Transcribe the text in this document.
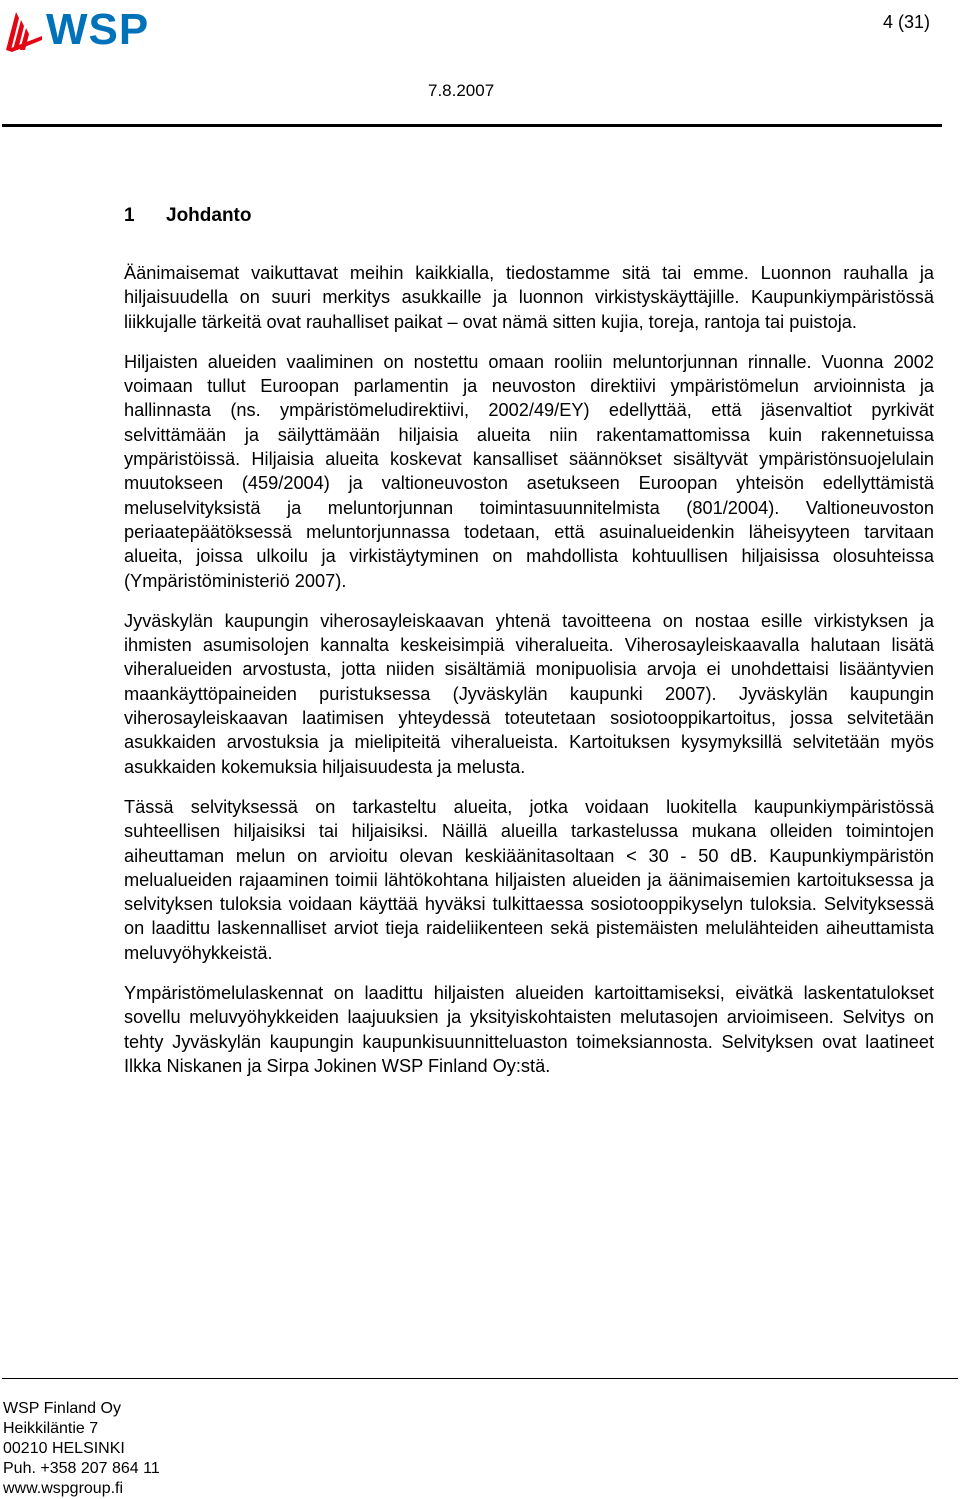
WSP	4 (31)
7.8.2007
1 Johdanto

Äänimaisemat vaikuttavat meihin kaikkialla, tiedostamme sitä tai emme. Luonnon rauhalla ja hiljaisuudella on suuri merkitys asukkaille ja luonnon virkistyskäyttäjille. Kaupunkiympäristössä liikkujalle tärkeitä ovat rauhalliset paikat – ovat nämä sitten kujia, toreja, rantoja tai puistoja.

Hiljaisten alueiden vaaliminen on nostettu omaan rooliin meluntorjunnan rinnalle. Vuonna 2002 voimaan tullut Euroopan parlamentin ja neuvoston direktiivi ympäristömelun arvioinnista ja hallinnasta (ns. ympäristömeludirektiivi, 2002/49/EY) edellyttää, että jäsenvaltiot pyrkivät selvittämään ja säilyttämään hiljaisia alueita niin rakentamattomissa kuin rakennetuissa ympäristöissä. Hiljaisia alueita koskevat kansalliset säännökset sisältyvät ympäristönsuojelulain muutokseen (459/2004) ja valtioneuvoston asetukseen Euroopan yhteisön edellyttämistä meluselvityksistä ja meluntorjunnan toimintasuunnitelmista (801/2004). Valtioneuvoston periaatepäätöksessä meluntorjunnassa todetaan, että asuinalueidenkin läheisyyteen tarvitaan alueita, joissa ulkoilu ja virkistäytyminen on mahdollista kohtuullisen hiljaisissa olosuhteissa (Ympäristöministeriö 2007).

Jyväskylän kaupungin viherosayleiskaavan yhtenä tavoitteena on nostaa esille virkistyksen ja ihmisten asumisolojen kannalta keskeisimpiä viheralueita. Viherosayleiskaavalla halutaan lisätä viheralueiden arvostusta, jotta niiden sisältämiä monipuolisia arvoja ei unohdettaisi lisääntyvien maankäyttöpaineiden puristuksessa (Jyväskylän kaupunki 2007). Jyväskylän kaupungin viherosayleiskaavan laatimisen yhteydessä toteutetaan sosiotooppikartoitus, jossa selvitetään asukkaiden arvostuksia ja mielipiteitä viheralueista. Kartoituksen kysymyksillä selvitetään myös asukkaiden kokemuksia hiljaisuudesta ja melusta.

Tässä selvityksessä on tarkasteltu alueita, jotka voidaan luokitella kaupunkiympäristössä suhteellisen hiljaisiksi tai hiljaisiksi. Näillä alueilla tarkastelussa mukana olleiden toimintojen aiheuttaman melun on arvioitu olevan keskiäänitasoltaan < 30 - 50 dB. Kaupunkiympäristön melualueiden rajaaminen toimii lähtökohtana hiljaisten alueiden ja äänimaisemien kartoituksessa ja selvityksen tuloksia voidaan käyttää hyväksi tulkittaessa sosiotooppikyselyn tuloksia. Selvityksessä on laadittu laskennalliset arviot tieja raideliikenteen sekä pistemäisten melulähteiden aiheuttamista meluvyöhykkeistä.

Ympäristömelulaskennat on laadittu hiljaisten alueiden kartoittamiseksi, eivätkä laskentatulokset sovellu meluvyöhykkeiden laajuuksien ja yksityiskohtaisten melutasojen arvioimiseen. Selvitys on tehty Jyväskylän kaupungin kaupunkisuunnitteluaston toimeksiannosta. Selvityksen ovat laatineet Ilkka Niskanen ja Sirpa Jokinen WSP Finland Oy:stä.

WSP Finland Oy
Heikkiläntie 7
00210 HELSINKI
Puh. +358 207 864 11
www.wspgroup.fi
